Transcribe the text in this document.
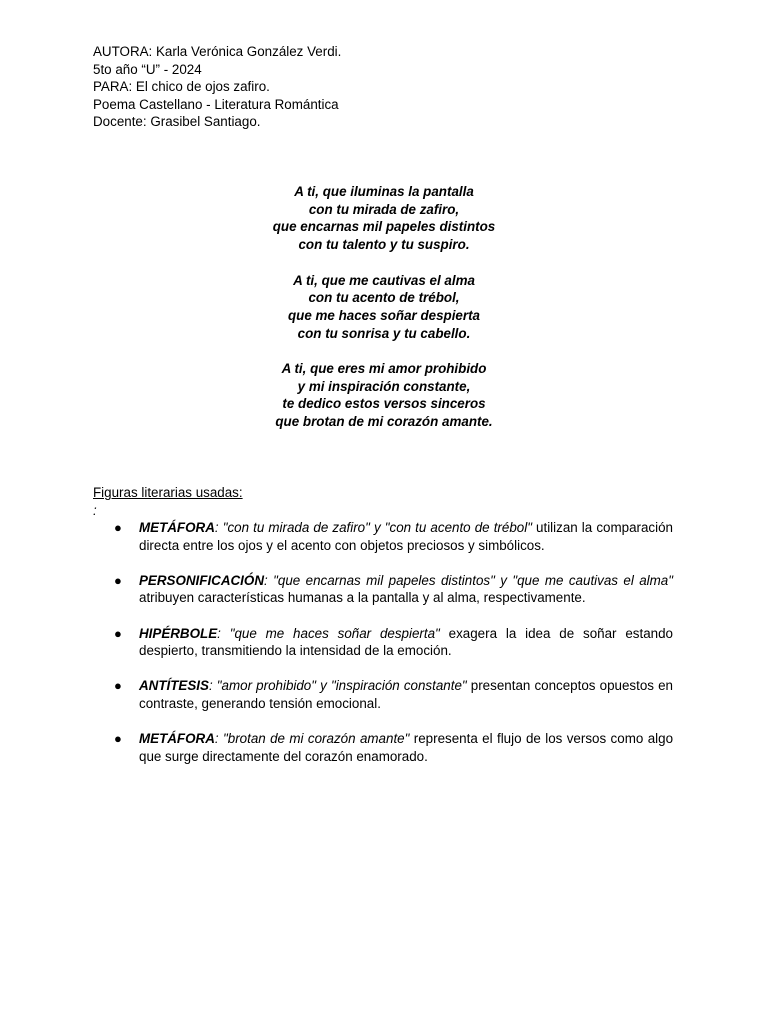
AUTORA: Karla Verónica González Verdi.
5to año “U” - 2024
PARA: El chico de ojos zafiro.
Poema Castellano - Literatura Romántica
Docente: Grasibel Santiago.
A ti, que iluminas la pantalla
con tu mirada de zafiro,
que encarnas mil papeles distintos
con tu talento y tu suspiro.
A ti, que me cautivas el alma
con tu acento de trébol,
que me haces soñar despierta
con tu sonrisa y tu cabello.
A ti, que eres mi amor prohibido
y mi inspiración constante,
te dedico estos versos sinceros
que brotan de mi corazón amante.
Figuras literarias usadas:
:
● METÁFORA: "con tu mirada de zafiro" y "con tu acento de trébol" utilizan la comparación directa entre los ojos y el acento con objetos preciosos y simbólicos.
● PERSONIFICACIÓN: "que encarnas mil papeles distintos" y "que me cautivas el alma" atribuyen características humanas a la pantalla y al alma, respectivamente.
● HIPÉRBOLE: "que me haces soñar despierta" exagera la idea de soñar estando despierto, transmitiendo la intensidad de la emoción.
● ANTÍTESIS: "amor prohibido" y "inspiración constante" presentan conceptos opuestos en contraste, generando tensión emocional.
● METÁFORA: "brotan de mi corazón amante" representa el flujo de los versos como algo que surge directamente del corazón enamorado.
